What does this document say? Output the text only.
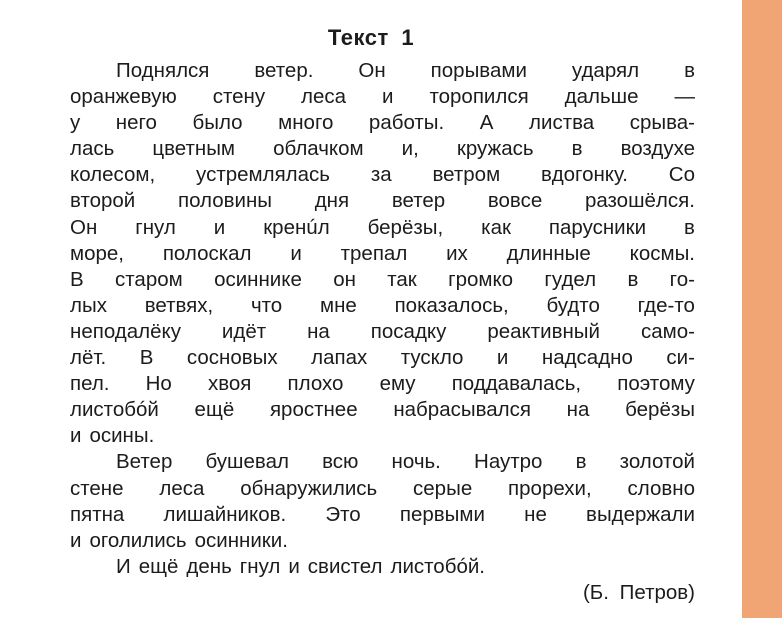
Текст 1
Поднялся ветер. Он порывами ударял в
оранжевую стену леса и торопился дальше —
у него было много работы. А листва срыва-
лась цветным облачком и, кружась в воздухе
колесом, устремлялась за ветром вдогонку. Со
второй половины дня ветер вовсе разошёлся.
Он гнул и кренúл берёзы, как парусники в
море, полоскал и трепал их длинные космы.
В старом осиннике он так громко гудел в го-
лых ветвях, что мне показалось, будто где-то
неподалёку идёт на посадку реактивный само-
лёт. В сосновых лапах тускло и надсадно си-
пел. Но хвоя плохо ему поддавалась, поэтому
листобóй ещё яростнее набрасывался на берёзы
и осины.
Ветер бушевал всю ночь. Наутро в золотой
стене леса обнаружились серые прорехи, словно
пятна лишайников. Это первыми не выдержали
и оголились осинники.
И ещё день гнул и свистел листобóй.
(Б. Петров)
